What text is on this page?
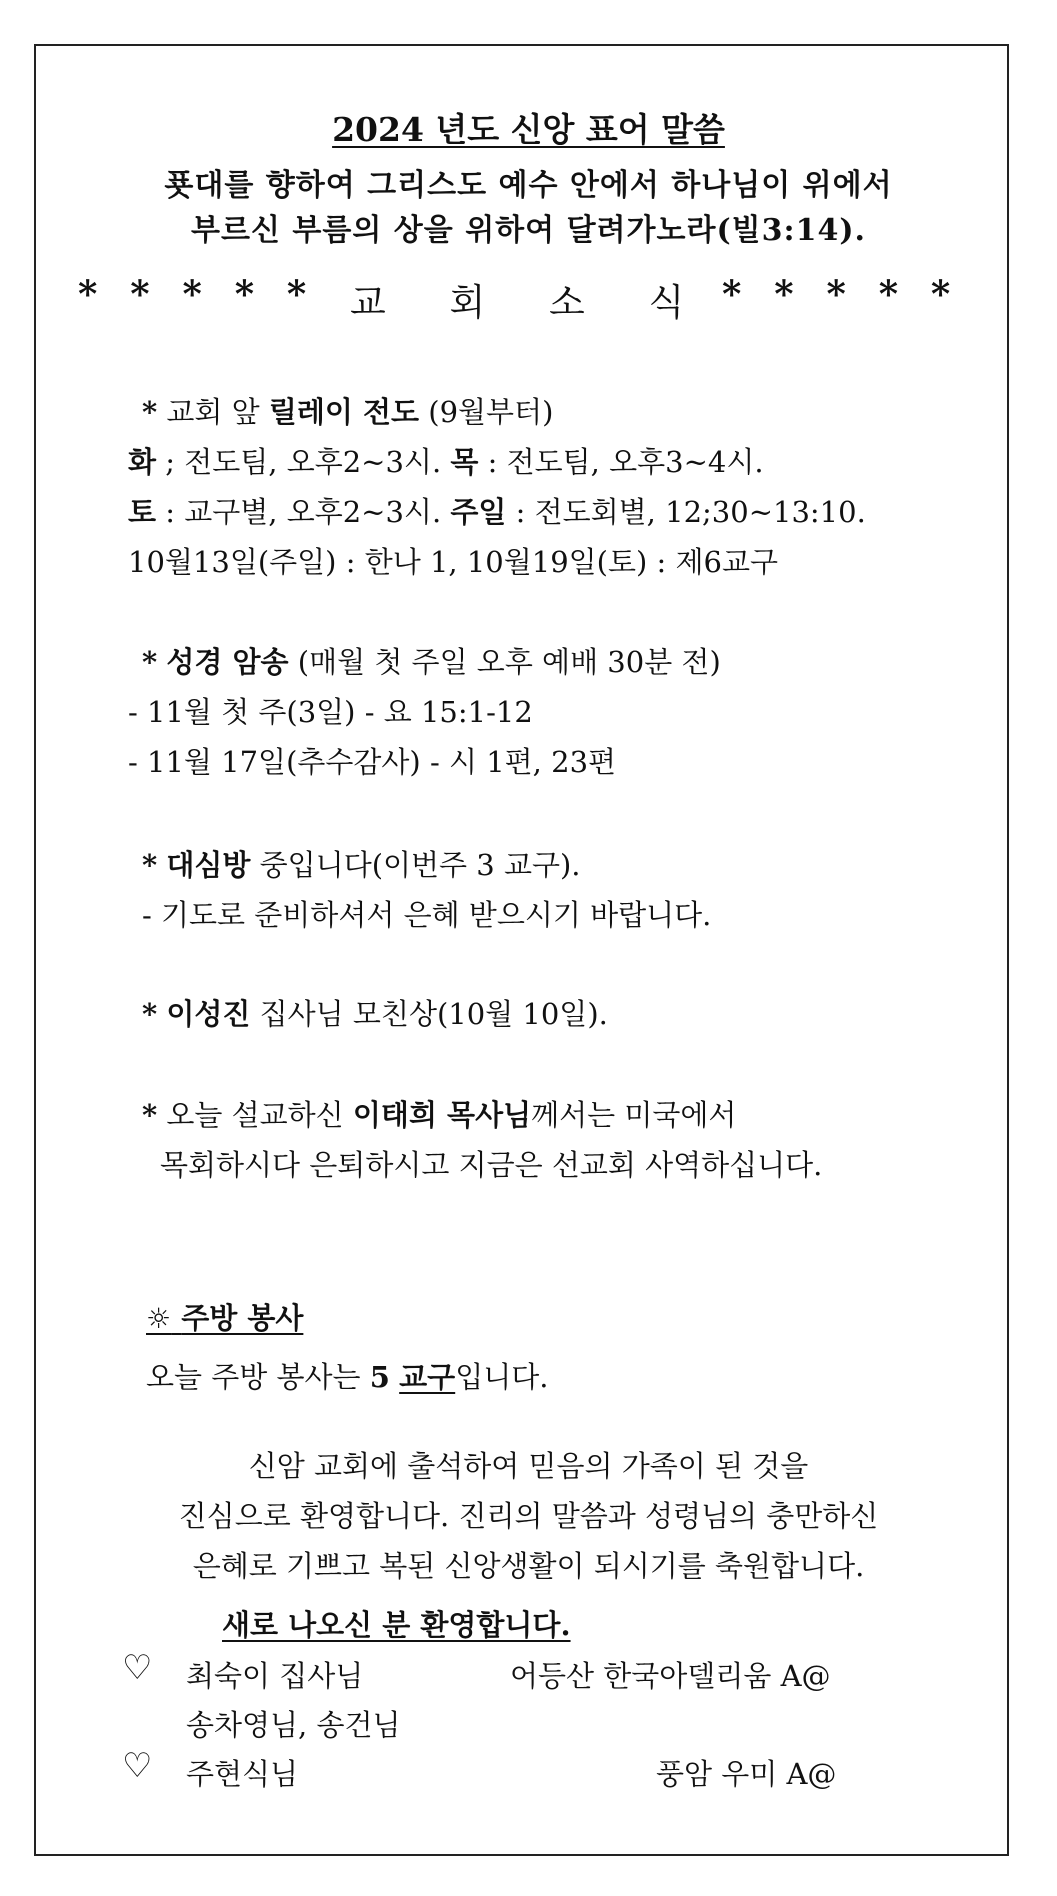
2024 년도 신앙 표어 말씀
푯대를 향하여 그리스도 예수 안에서 하나님이 위에서
부르신 부름의 상을 위하여 달려가노라(빌3:14).
* * * * * 교 회 소 식 * * * * *
* 교회 앞 릴레이 전도 (9월부터)
화 ; 전도팀, 오후2~3시. 목 : 전도팀, 오후3~4시.
토 : 교구별, 오후2~3시. 주일 : 전도회별, 12;30~13:10.
10월13일(주일) : 한나 1, 10월19일(토) : 제6교구
* 성경 암송 (매월 첫 주일 오후 예배 30분 전)
- 11월 첫 주(3일) - 요 15:1-12
- 11월 17일(추수감사) - 시 1편, 23편
* 대심방 중입니다(이번주 3 교구).
- 기도로 준비하셔서 은혜 받으시기 바랍니다.
* 이성진 집사님 모친상(10월 10일).
* 오늘 설교하신 이태희 목사님께서는 미국에서
목회하시다 은퇴하시고 지금은 선교회 사역하십니다.
☼ 주방 봉사
오늘 주방 봉사는 5 교구입니다.
신암 교회에 출석하여 믿음의 가족이 된 것을
진심으로 환영합니다. 진리의 말씀과 성령님의 충만하신
은혜로 기쁘고 복된 신앙생활이 되시기를 축원합니다.
새로 나오신 분 환영합니다.
♡ 최숙이 집사님	어등산 한국아델리움 A@
송차영님, 송건님
♡ 주현식님	풍암 우미 A@
